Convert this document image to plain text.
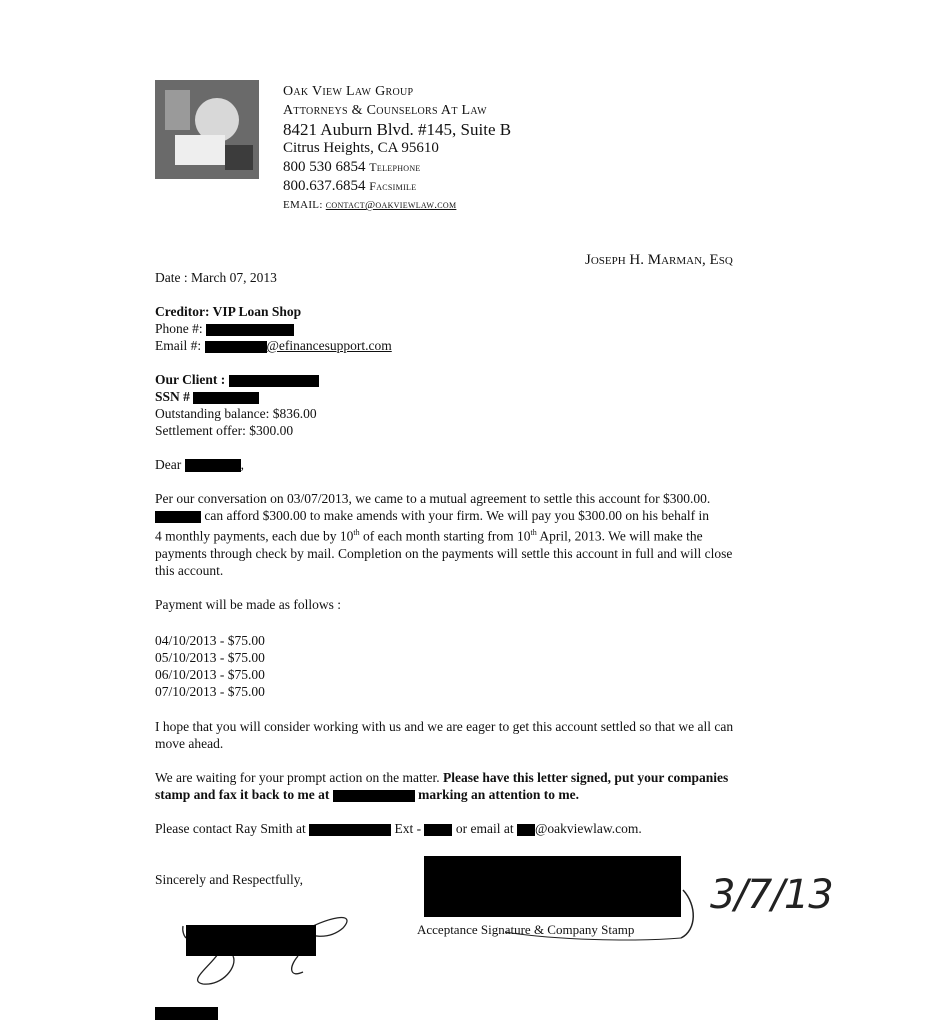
Oak View Law Group
Attorneys & Counselors At Law
8421 Auburn Blvd. #145, Suite B
Citrus Heights, CA 95610
800 530 6854 Telephone
800.637.6854 Facsimile
EMAIL: contact@oakviewlaw.com
Joseph H. Marman, Esq
Date : March 07, 2013
Creditor: VIP Loan Shop
Phone #:
Email #:	@efinancesupport.com
Our Client :
SSN #
Outstanding balance: $836.00
Settlement offer: $300.00
Dear	,
Per our conversation on 03/07/2013, we came to a mutual agreement to settle this account for $300.00.
can afford $300.00 to make amends with your firm. We will pay you $300.00 on his behalf in
4 monthly payments, each due by 10th of each month starting from 10th April, 2013. We will make the
payments through check by mail. Completion on the payments will settle this account in full and will close
this account.
Payment will be made as follows :
04/10/2013 - $75.00
05/10/2013 - $75.00
06/10/2013 - $75.00
07/10/2013 - $75.00
I hope that you will consider working with us and we are eager to get this account settled so that we all can
move ahead.
We are waiting for your prompt action on the matter. Please have this letter signed, put your companies
stamp and fax it back to me at	marking an attention to me.
Please contact Ray Smith at	Ext -	or email at @oakviewlaw.com.
Sincerely and Respectfully,
Acceptance Signature & Company Stamp
3/7/13
